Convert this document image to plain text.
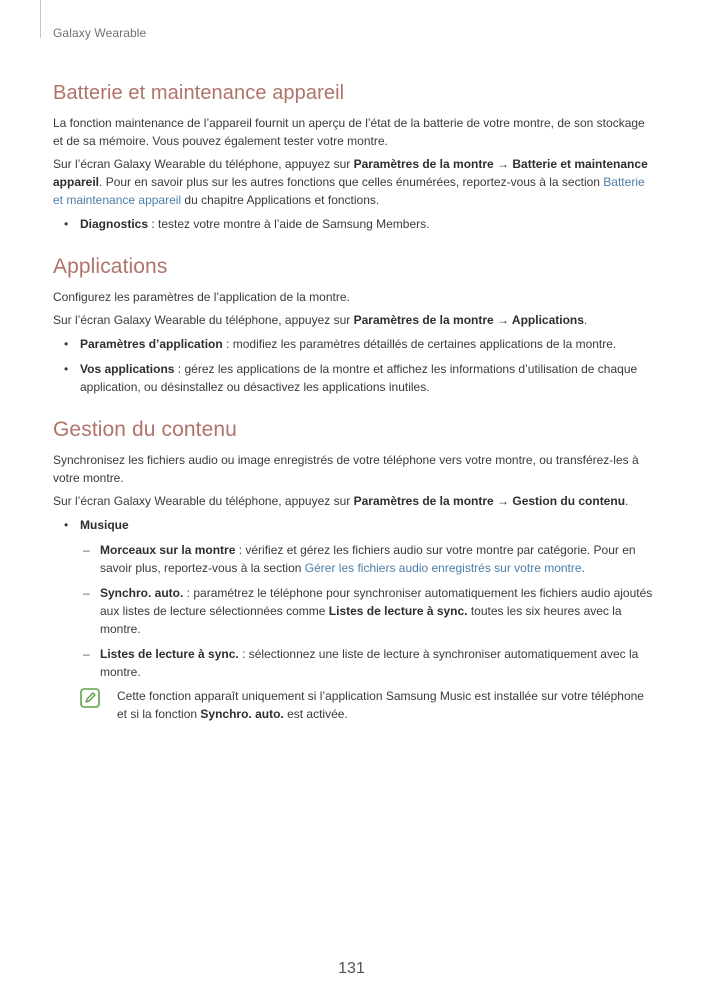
Galaxy Wearable
Batterie et maintenance appareil

La fonction maintenance de l’appareil fournit un aperçu de l’état de la batterie de votre montre, de son stockage et de sa mémoire. Vous pouvez également tester votre montre.

Sur l’écran Galaxy Wearable du téléphone, appuyez sur Paramètres de la montre → Batterie et maintenance appareil. Pour en savoir plus sur les autres fonctions que celles énumérées, reportez-vous à la section Batterie et maintenance appareil du chapitre Applications et fonctions.

• Diagnostics : testez votre montre à l’aide de Samsung Members.
Applications

Configurez les paramètres de l’application de la montre.

Sur l’écran Galaxy Wearable du téléphone, appuyez sur Paramètres de la montre → Applications.

• Paramètres d’application : modifiez les paramètres détaillés de certaines applications de la montre.
• Vos applications : gérez les applications de la montre et affichez les informations d’utilisation de chaque application, ou désinstallez ou désactivez les applications inutiles.
Gestion du contenu

Synchronisez les fichiers audio ou image enregistrés de votre téléphone vers votre montre, ou transférez-les à votre montre.

Sur l’écran Galaxy Wearable du téléphone, appuyez sur Paramètres de la montre → Gestion du contenu.

• Musique
– Morceaux sur la montre : vérifiez et gérez les fichiers audio sur votre montre par catégorie. Pour en savoir plus, reportez-vous à la section Gérer les fichiers audio enregistrés sur votre montre.
– Synchro. auto. : paramétrez le téléphone pour synchroniser automatiquement les fichiers audio ajoutés aux listes de lecture sélectionnées comme Listes de lecture à sync. toutes les six heures avec la montre.
– Listes de lecture à sync. : sélectionnez une liste de lecture à synchroniser automatiquement avec la montre.
Cette fonction apparaît uniquement si l’application Samsung Music est installée sur votre téléphone et si la fonction Synchro. auto. est activée.
131
